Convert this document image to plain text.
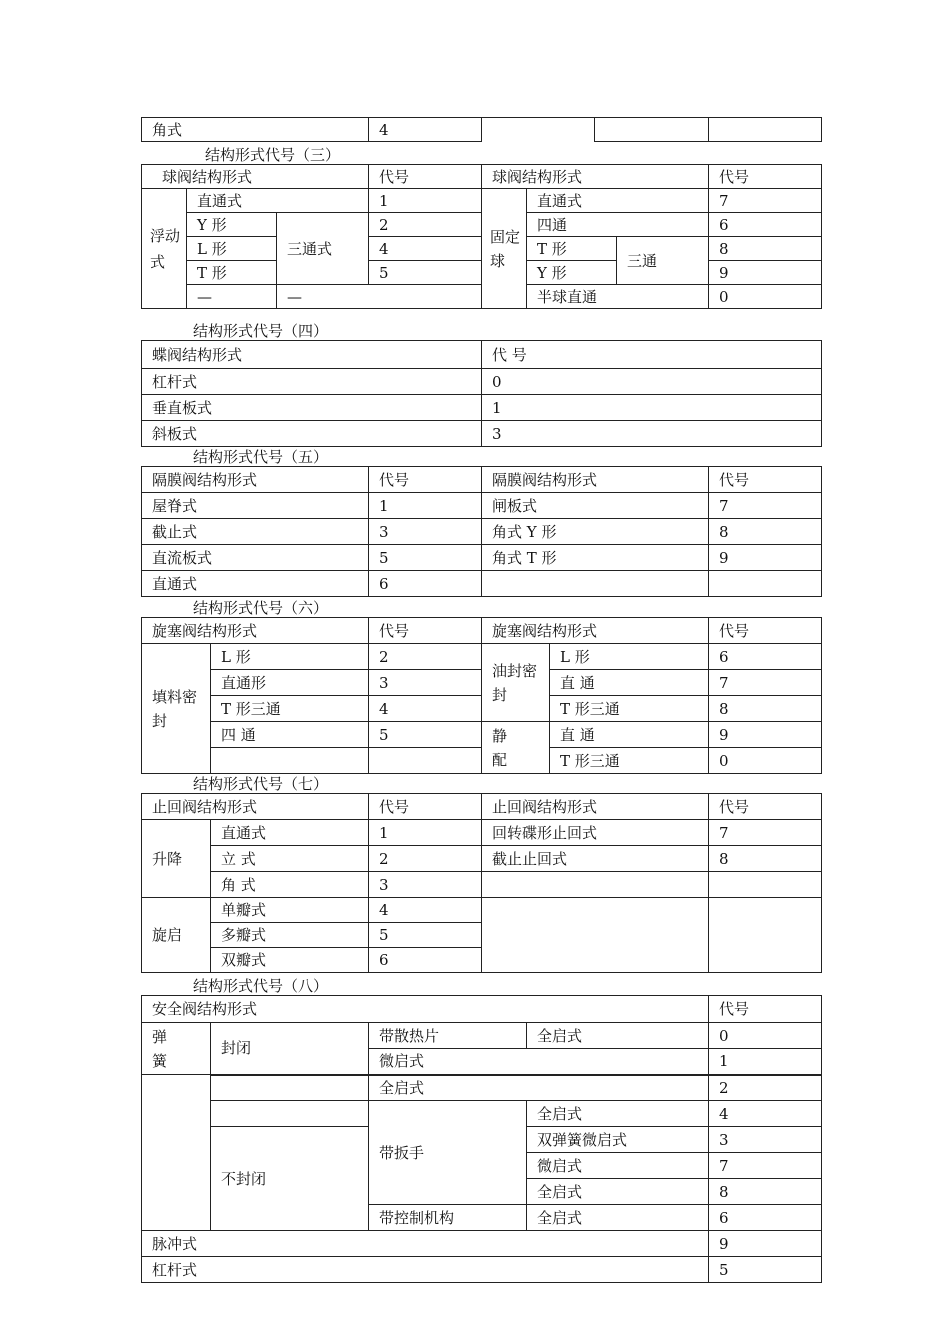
角式	4			
结构形式代号（三）
球阀结构形式			代号	球阀结构形式			代号
浮动式	直通式		1	固定球	直通式		7
	Y 形	三通式	2		四通		6
	L 形		4		T 形	三通	8
	T 形		5		Y 形		9
	—	—			半球直通		0
结构形式代号（四）
蝶阀结构形式	代 号
杠杆式	0
垂直板式	1
斜板式	3
结构形式代号（五）
隔膜阀结构形式	代号	隔膜阀结构形式	代号
屋脊式	1	闸板式	7
截止式	3	角式 Y 形	8
直流板式	5	角式 T 形	9
直通式	6		
结构形式代号（六）
旋塞阀结构形式		代号	旋塞阀结构形式		代号
填料密封	L 形	2	油封密封	L 形	6
	直通形	3		直 通	7
	T 形三通	4		T 形三通	8
	四 通	5	静配	直 通	9
				T 形三通	0
结构形式代号（七）
止回阀结构形式		代号	止回阀结构形式	代号
升降	直通式	1	回转碟形止回式	7
	立 式	2	截止止回式	8
	角 式	3		
旋启	单瓣式	4		
	多瓣式	5		
	双瓣式	6		
结构形式代号（八）
安全阀结构形式				代号
弹簧	封闭	带散热片	全启式	0
		微启式		1
		全启式		2
		带扳手	全启式	4
	不封闭		双弹簧微启式	3
			微启式	7
			全启式	8
		带控制机构	全启式	6
脉冲式				9
杠杆式				5
